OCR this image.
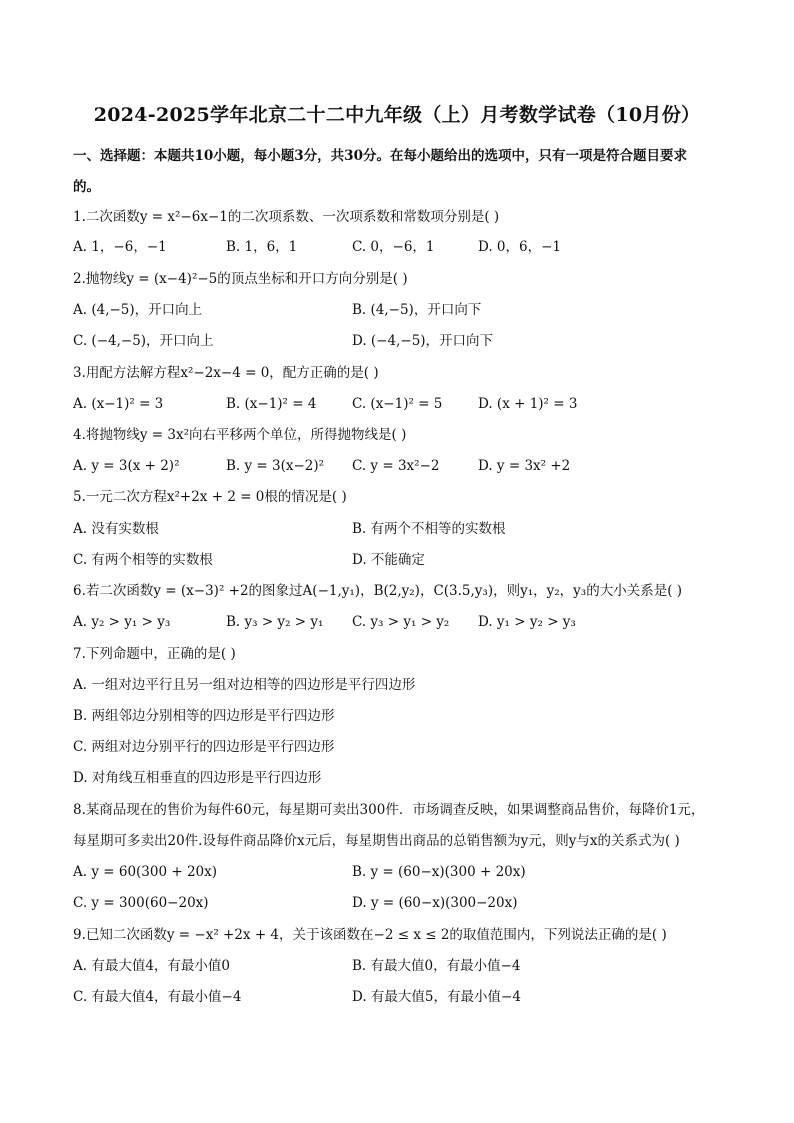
2024-2025学年北京二十二中九年级（上）月考数学试卷（10月份）
一、选择题：本题共10小题，每小题3分，共30分。在每小题给出的选项中，只有一项是符合题目要求
的。
1.二次函数y = x²−6x−1的二次项系数、一次项系数和常数项分别是( )
A. 1，−6，−1	B. 1，6，1	C. 0，−6，1	D. 0，6，−1
2.抛物线y = (x−4)²−5的顶点坐标和开口方向分别是( )
A. (4,−5)，开口向上	B. (4,−5)，开口向下
C. (−4,−5)，开口向上	D. (−4,−5)，开口向下
3.用配方法解方程x²−2x−4 = 0，配方正确的是( )
A. (x−1)² = 3	B. (x−1)² = 4	C. (x−1)² = 5	D. (x + 1)² = 3
4.将抛物线y = 3x²向右平移两个单位，所得抛物线是( )
A. y = 3(x + 2)²	B. y = 3(x−2)² C. y = 3x²−2	D. y = 3x² +2
5.一元二次方程x²+2x + 2 = 0根的情况是( )
A. 没有实数根	B. 有两个不相等的实数根
C. 有两个相等的实数根	D. 不能确定
6.若二次函数y = (x−3)² +2的图象过A(−1,y₁)，B(2,y₂)，C(3.5,y₃)，则y₁，y₂，y₃的大小关系是( )
A. y₂ > y₁ > y₃	B. y₃ > y₂ > y₁ C. y₃ > y₁ > y₂ D. y₁ > y₂ > y₃
7.下列命题中，正确的是( )
A. 一组对边平行且另一组对边相等的四边形是平行四边形
B. 两组邻边分别相等的四边形是平行四边形
C. 两组对边分别平行的四边形是平行四边形
D. 对角线互相垂直的四边形是平行四边形
8.某商品现在的售价为每件60元，每星期可卖出300件．市场调查反映，如果调整商品售价，每降价1元，
每星期可多卖出20件.设每件商品降价x元后，每星期售出商品的总销售额为y元，则y与x的关系式为( )
A. y = 60(300 + 20x)	B. y = (60−x)(300 + 20x)
C. y = 300(60−20x)	D. y = (60−x)(300−20x)
9.已知二次函数y = −x² +2x + 4，关于该函数在−2 ≤ x ≤ 2的取值范围内，下列说法正确的是( )
A. 有最大值4，有最小值0	B. 有最大值0，有最小值−4
C. 有最大值4，有最小值−4	D. 有最大值5，有最小值−4
